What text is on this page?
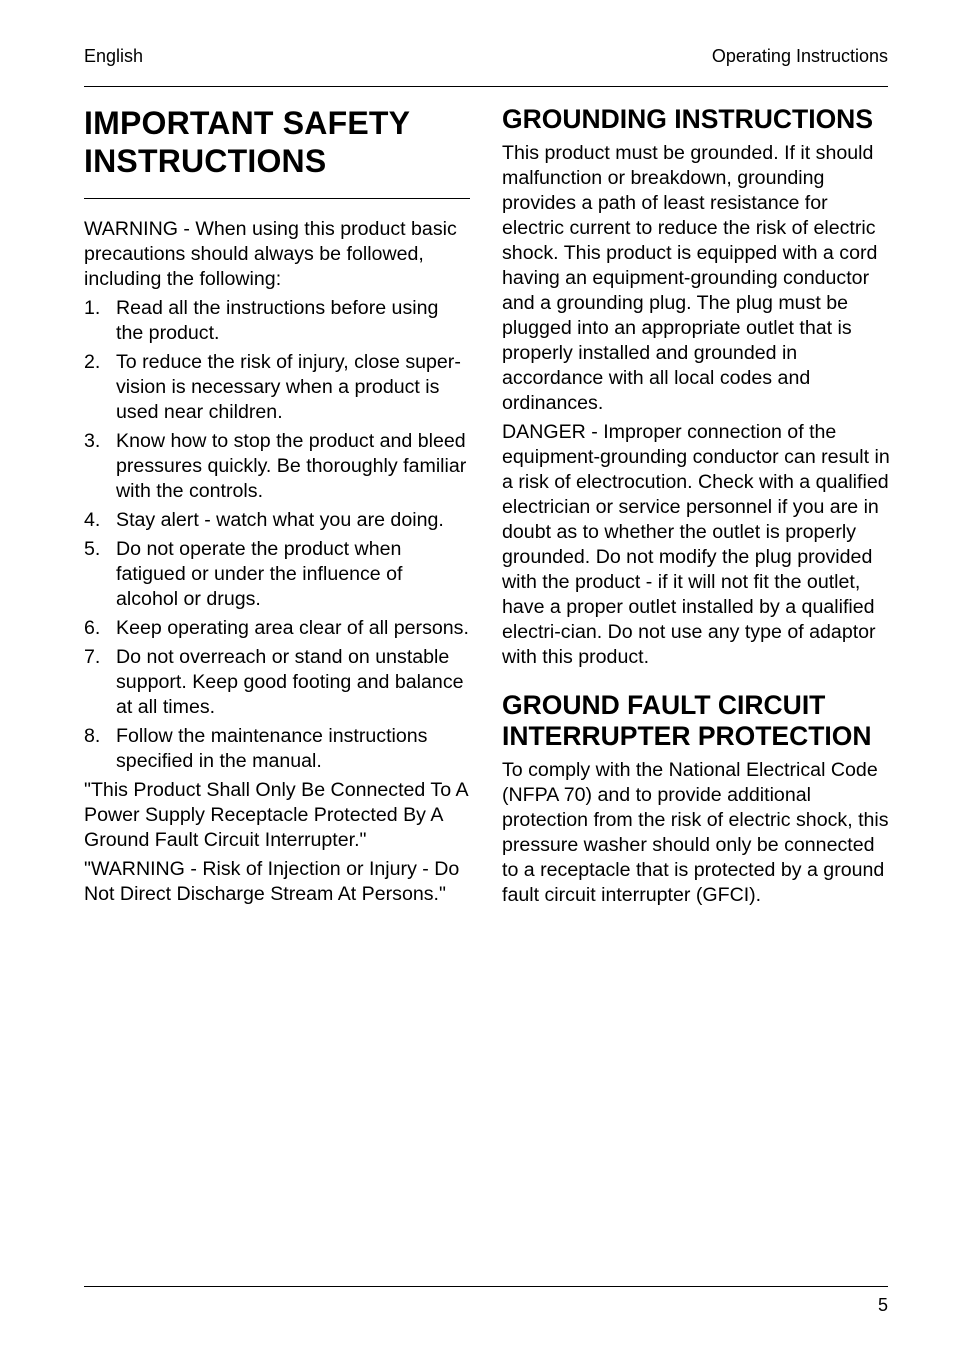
English	Operating Instructions
IMPORTANT SAFETY INSTRUCTIONS

WARNING - When using this product basic precautions should always be followed, including the following:

1. Read all the instructions before using the product.
2. To reduce the risk of injury, close super-vision is necessary when a product is used near children.
3. Know how to stop the product and bleed pressures quickly. Be thoroughly familiar with the controls.
4. Stay alert - watch what you are doing.
5. Do not operate the product when fatigued or under the influence of alcohol or drugs.
6. Keep operating area clear of all persons.
7. Do not overreach or stand on unstable support. Keep good footing and balance at all times.
8. Follow the maintenance instructions specified in the manual.

"This Product Shall Only Be Connected To A Power Supply Receptacle Protected By A Ground Fault Circuit Interrupter."

"WARNING - Risk of Injection or Injury - Do Not Direct Discharge Stream At Persons."

GROUNDING INSTRUCTIONS

This product must be grounded. If it should malfunction or breakdown, grounding provides a path of least resistance for electric current to reduce the risk of electric shock. This product is equipped with a cord having an equipment-grounding conductor and a grounding plug. The plug must be plugged into an appropriate outlet that is properly installed and grounded in accordance with all local codes and ordinances.

DANGER - Improper connection of the equipment-grounding conductor can result in a risk of electrocution. Check with a qualified electrician or service personnel if you are in doubt as to whether the outlet is properly grounded. Do not modify the plug provided with the product - if it will not fit the outlet, have a proper outlet installed by a qualified electri-cian. Do not use any type of adaptor with this product.

GROUND FAULT CIRCUIT INTERRUPTER PROTECTION

To comply with the National Electrical Code (NFPA 70) and to provide additional protection from the risk of electric shock, this pressure washer should only be connected to a receptacle that is protected by a ground fault circuit interrupter (GFCI).

5
